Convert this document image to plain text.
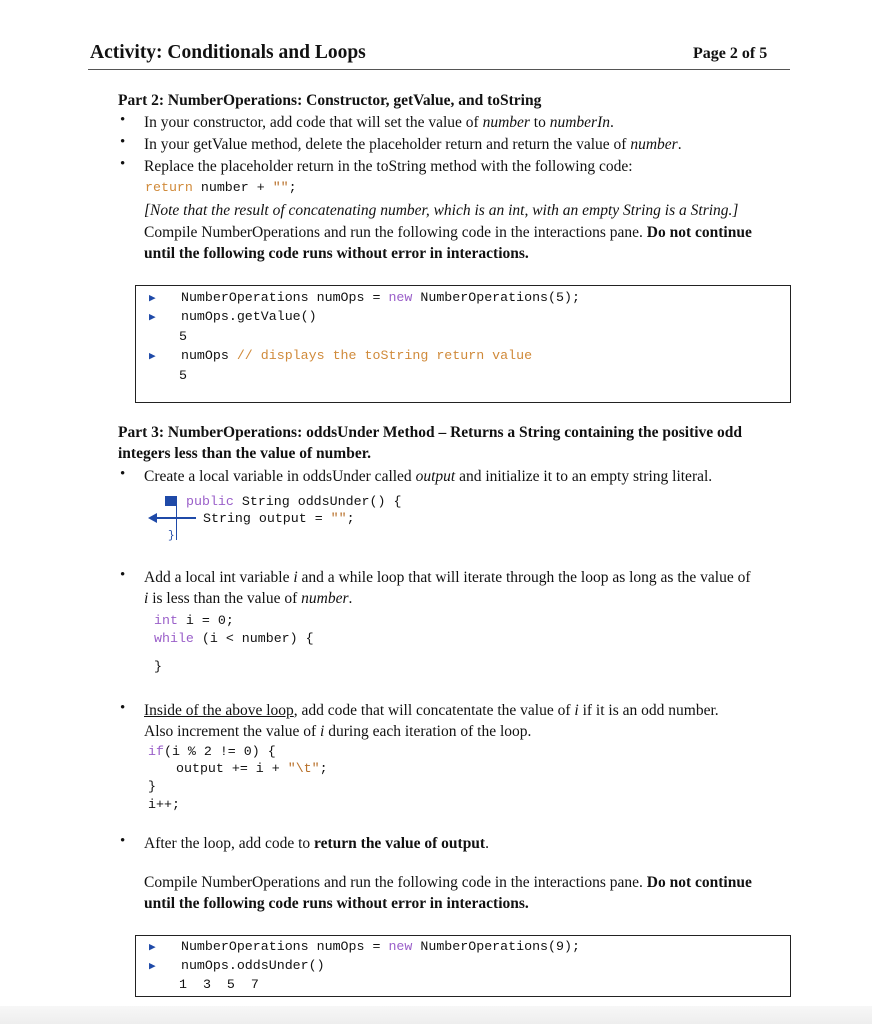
Activity: Conditionals and Loops	Page 2 of 5
Part 2: NumberOperations: Constructor, getValue, and toString
• In your constructor, add code that will set the value of number to numberIn.
• In your getValue method, delete the placeholder return and return the value of number.
• Replace the placeholder return in the toString method with the following code:
return number + "";
[Note that the result of concatenating number, which is an int, with an empty String is a String.]
Compile NumberOperations and run the following code in the interactions pane. Do not continue
until the following code runs without error in interactions.
▶ NumberOperations numOps = new NumberOperations(5);
▶ numOps.getValue()
5
▶ numOps // displays the toString return value
5
Part 3: NumberOperations: oddsUnder Method – Returns a String containing the positive odd
integers less than the value of number.
• Create a local variable in oddsUnder called output and initialize it to an empty string literal.
public String oddsUnder() {
String output = "";
}
• Add a local int variable i and a while loop that will iterate through the loop as long as the value of
i is less than the value of number.
int i = 0;
while (i < number) {
}
• Inside of the above loop, add code that will concatentate the value of i if it is an odd number.
Also increment the value of i during each iteration of the loop.
if(i % 2 != 0) {
output += i + "\t";
}
i++;
• After the loop, add code to return the value of output.
Compile NumberOperations and run the following code in the interactions pane. Do not continue
until the following code runs without error in interactions.
▶ NumberOperations numOps = new NumberOperations(9);
▶ numOps.oddsUnder()
1  3  5  7
